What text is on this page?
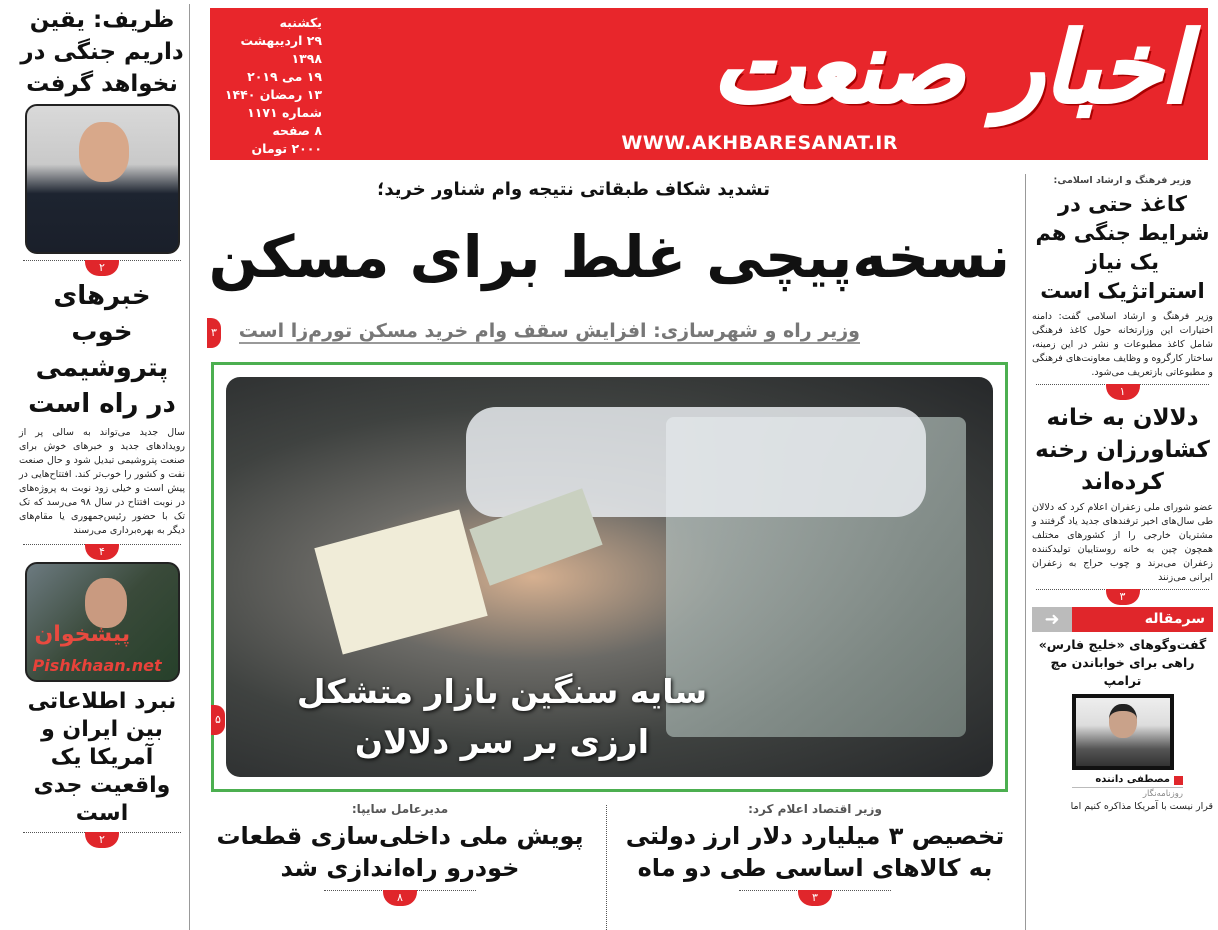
یکشنبه
۲۹ اردیبهشت ۱۳۹۸
۱۹ می ۲۰۱۹
۱۳ رمضان ۱۴۴۰
شماره ۱۱۷۱
۸ صفحه
۲۰۰۰ تومان
اخبار صنعت
WWW.AKHBARESANAT.IR
ظریف: یقین داریم جنگی در نخواهد گرفت
۲
خبرهای خوب پتروشیمی در راه است
سال جدید می‌تواند به سالی پر از رویدادهای جدید و خبرهای خوش برای صنعت پتروشیمی تبدیل شود و حال صنعت نفت و کشور را خوب‌تر کند. افتتاح‌هایی در پیش است و خیلی زود نوبت به پروژه‌های در نوبت افتتاح در سال ۹۸ می‌رسد که تک تک با حضور رئیس‌جمهوری یا مقام‌های دیگر به بهره‌برداری می‌رسند
۴
پیشخوان
Pishkhaan.net
نبرد اطلاعاتی بین ایران و آمریکا یک واقعیت جدی است
۲
تشدید شکاف طبقاتی نتیجه وام شناور خرید؛
نسخه‌پیچی غلط برای مسکن
۳ وزیر راه و شهرسازی: افزایش سقف وام خرید مسکن تورم‌زا است
سایه سنگین بازار متشکل
ارزی بر سر دلالان
۵
وزیر اقتصاد اعلام کرد:
تخصیص ۳ میلیارد دلار ارز دولتی
به کالاهای اساسی طی دو ماه
۳
مدیرعامل سایپا:
پویش ملی داخلی‌سازی قطعات
خودرو راه‌اندازی شد
۸
وزیر فرهنگ و ارشاد اسلامی:
کاغذ حتی در شرایط جنگی هم یک نیاز استراتژیک است
وزیر فرهنگ و ارشاد اسلامی گفت: دامنه اختیارات این وزارتخانه حول کاغذ فرهنگی شامل کاغذ مطبوعات و نشر در این زمینه، ساختار کارگروه و وظایف معاونت‌های فرهنگی و مطبوعاتی بازتعریف می‌شود.
۱
دلالان به خانه کشاورزان رخنه کرده‌اند
عضو شورای ملی زعفران اعلام کرد که دلالان طی سال‌های اخیر ترفندهای جدید یاد گرفتند و مشتریان خارجی را از کشورهای مختلف همچون چین به خانه روستاییان تولیدکننده زعفران می‌برند و چوب حراج به زعفران ایرانی می‌زنند
۳
➜	سرمقاله
گفت‌وگوهای «خلیج فارس» راهی برای خواباندن مچ ترامپ
مصطفی داننده
روزنامه‌نگار
قرار نیست با آمریکا مذاکره کنیم اما
